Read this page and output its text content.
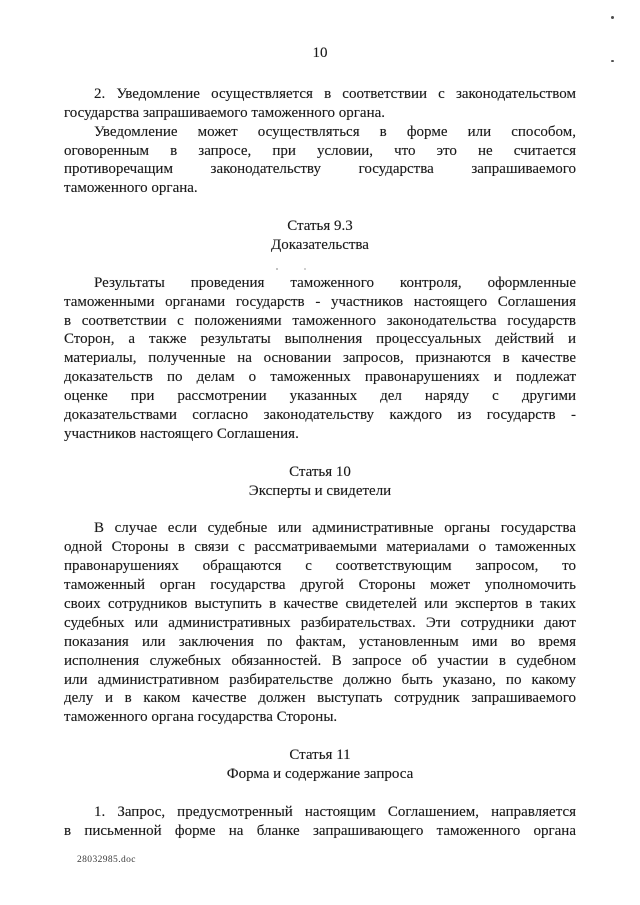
10
2. Уведомление осуществляется в соответствии с законодательством
государства запрашиваемого таможенного органа.
Уведомление может осуществляться в форме или способом,
оговоренным в запросе, при условии, что это не считается
противоречащим законодательству государства запрашиваемого
таможенного органа.
Статья 9.3
Доказательства
Результаты проведения таможенного контроля, оформленные
таможенными органами государств - участников настоящего Соглашения
в соответствии с положениями таможенного законодательства государств
Сторон, а также результаты выполнения процессуальных действий и
материалы, полученные на основании запросов, признаются в качестве
доказательств по делам о таможенных правонарушениях и подлежат
оценке при рассмотрении указанных дел наряду с другими
доказательствами согласно законодательству каждого из государств -
участников настоящего Соглашения.
Статья 10
Эксперты и свидетели
В случае если судебные или административные органы государства
одной Стороны в связи с рассматриваемыми материалами о таможенных
правонарушениях обращаются с соответствующим запросом, то
таможенный орган государства другой Стороны может уполномочить
своих сотрудников выступить в качестве свидетелей или экспертов в таких
судебных или административных разбирательствах. Эти сотрудники дают
показания или заключения по фактам, установленным ими во время
исполнения служебных обязанностей. В запросе об участии в судебном
или административном разбирательстве должно быть указано, по какому
делу и в каком качестве должен выступать сотрудник запрашиваемого
таможенного органа государства Стороны.
Статья 11
Форма и содержание запроса
1. Запрос, предусмотренный настоящим Соглашением, направляется
в письменной форме на бланке запрашивающего таможенного органа
28032985.doc
